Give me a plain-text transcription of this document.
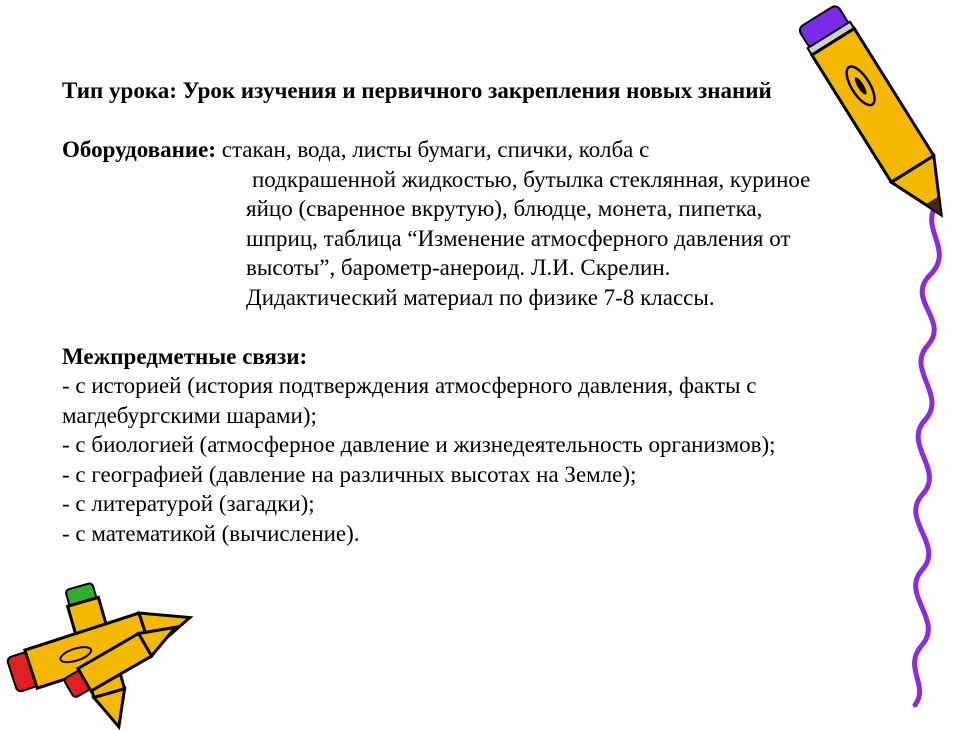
Тип урока: Урок изучения и первичного закрепления новых знаний
Оборудование: стакан, вода, листы бумаги, спички, колба с
подкрашенной жидкостью, бутылка стеклянная, куриное
яйцо (сваренное вкрутую), блюдце, монета, пипетка,
шприц, таблица “Изменение атмосферного давления от
высоты”, барометр-анероид. Л.И. Скрелин.
Дидактический материал по физике 7-8 классы.
Межпредметные связи:
- с историей (история подтверждения атмосферного давления, факты с
магдебургскими шарами);
- с биологией (атмосферное давление и жизнедеятельность организмов);
- с географией (давление на различных высотах на Земле);
- с литературой (загадки);
- с математикой (вычисление).
